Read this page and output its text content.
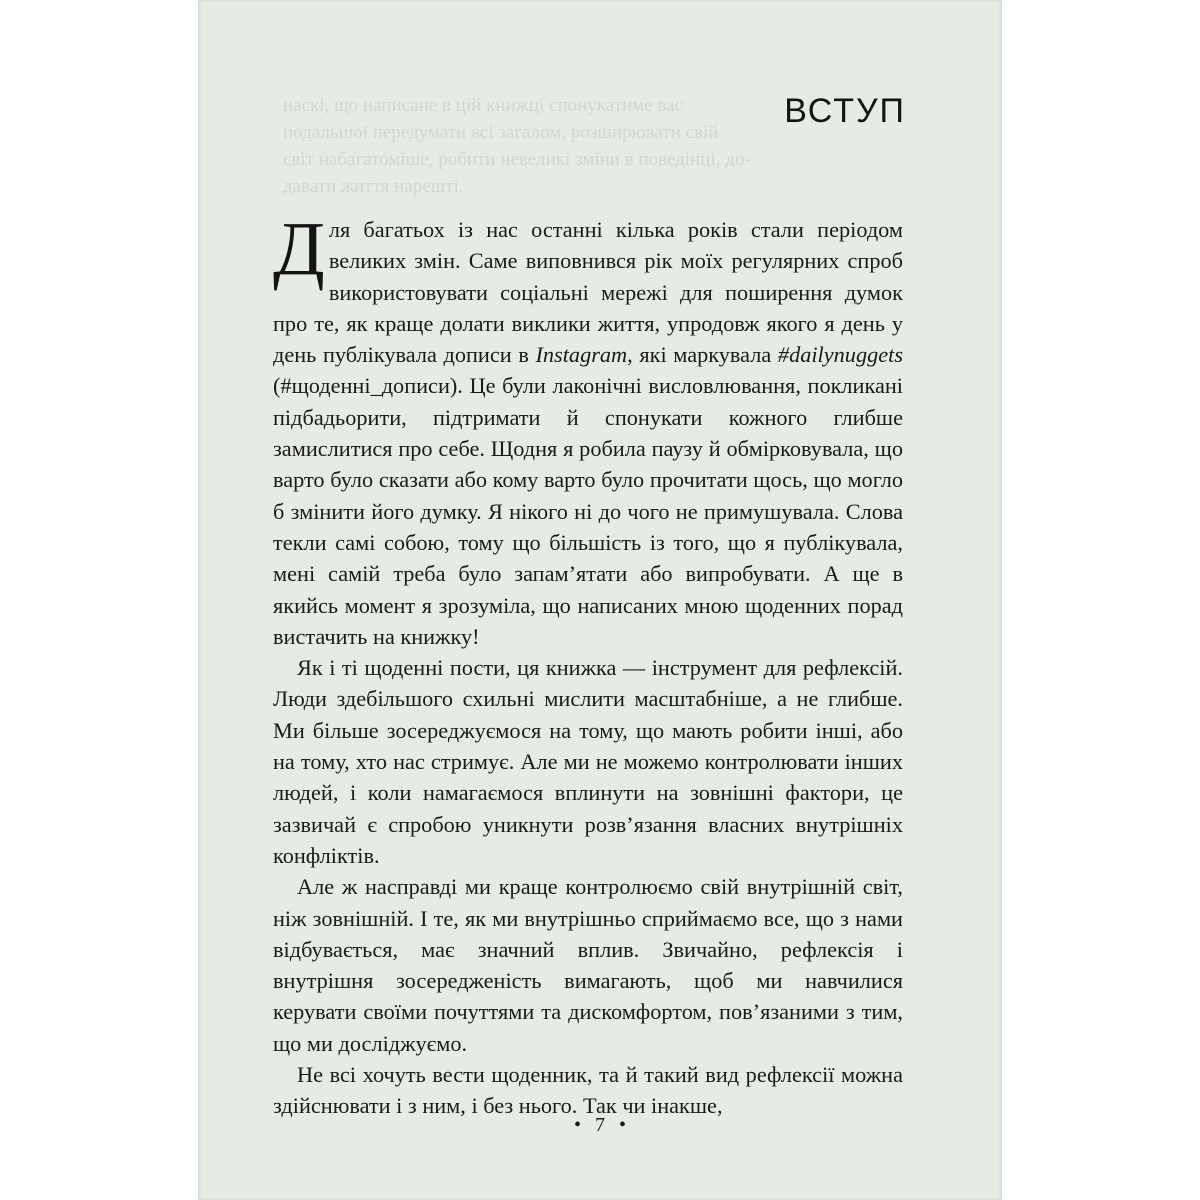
наскі, що написане в цій книжці спонукатиме вас

подальшої передумати всі загалом, розширювати свій

світ набагатоміше, робити невеликі зміни в поведінці, до-

давати життя нарешті.

ВСТУП
Д ля багатьох із нас останні кілька років стали періодом великих змін. Саме виповнився рік моїх регулярних спроб використовувати соціальні мережі для поширення думок про те, як краще долати виклики життя, упродовж якого я день у день публікувала дописи в Instagram, які маркувала #dailynuggets (#щоденні_дописи). Це були лаконічні висловлювання, покликані підбадьорити, підтримати й спонукати кожного глибше замислитися про себе. Щодня я робила паузу й обмірковувала, що варто було сказати або кому варто було прочитати щось, що могло б змінити його думку. Я нікого ні до чого не примушувала. Слова текли самі собою, тому що більшість із того, що я публікувала, мені самій треба було запам’ятати або випробувати. А ще в якийсь момент я зрозуміла, що написаних мною щоденних порад вистачить на книжку!

Як і ті щоденні пости, ця книжка — інструмент для рефлексій. Люди здебільшого схильні мислити масштабніше, а не глибше. Ми більше зосереджуємося на тому, що мають робити інші, або на тому, хто нас стримує. Але ми не можемо контролювати інших людей, і коли намагаємося вплинути на зовнішні фактори, це зазвичай є спробою уникнути розв’язання власних внутрішніх конфліктів.

Але ж насправді ми краще контролюємо свій внутрішній світ, ніж зовнішній. І те, як ми внутрішньо сприймаємо все, що з нами відбувається, має значний вплив. Звичайно, рефлексія і внутрішня зосередженість вимагають, щоб ми навчилися керувати своїми почуттями та дискомфортом, пов’язаними з тим, що ми досліджуємо.

Не всі хочуть вести щоденник, та й такий вид рефлексії можна здійснювати і з ним, і без нього. Так чи інакше,

• 7 •
